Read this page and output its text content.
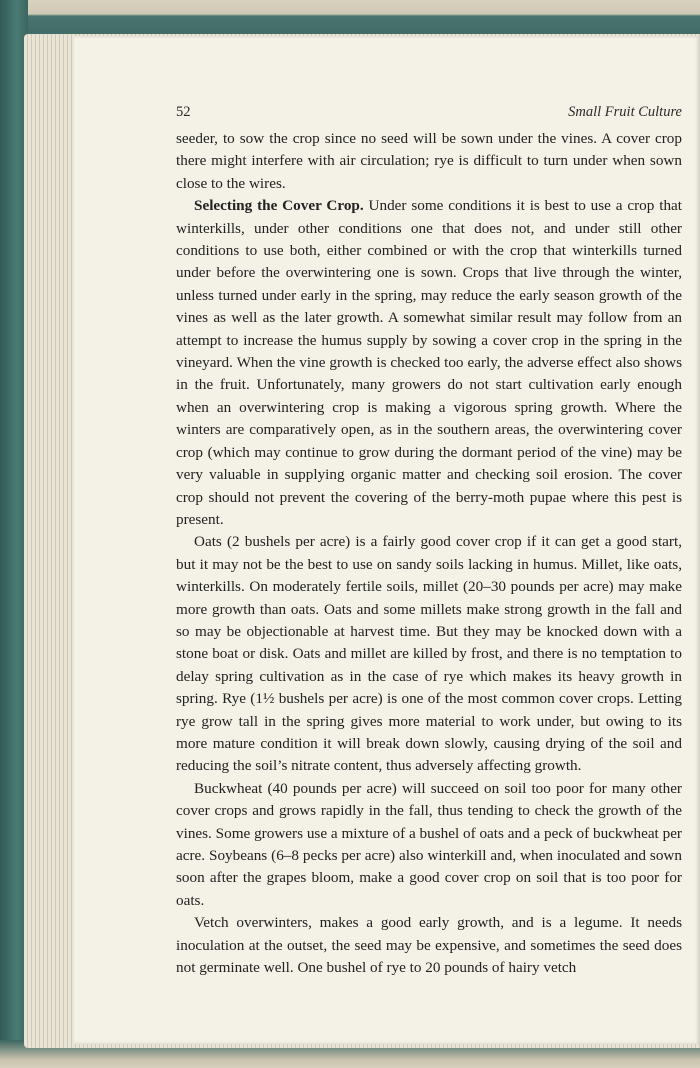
52	Small Fruit Culture

seeder, to sow the crop since no seed will be sown under the vines. A cover crop there might interfere with air circulation; rye is difficult to turn under when sown close to the wires.

Selecting the Cover Crop. Under some conditions it is best to use a crop that winterkills, under other conditions one that does not, and under still other conditions to use both, either combined or with the crop that winterkills turned under before the overwintering one is sown. Crops that live through the winter, unless turned under early in the spring, may reduce the early season growth of the vines as well as the later growth. A somewhat similar result may follow from an attempt to increase the humus supply by sowing a cover crop in the spring in the vineyard. When the vine growth is checked too early, the adverse effect also shows in the fruit. Unfortunately, many growers do not start cultivation early enough when an overwintering crop is making a vigorous spring growth. Where the winters are comparatively open, as in the southern areas, the overwintering cover crop (which may continue to grow during the dormant period of the vine) may be very valuable in supplying organic matter and checking soil erosion. The cover crop should not prevent the covering of the berry-moth pupae where this pest is present.

Oats (2 bushels per acre) is a fairly good cover crop if it can get a good start, but it may not be the best to use on sandy soils lacking in humus. Millet, like oats, winterkills. On moderately fertile soils, millet (20–30 pounds per acre) may make more growth than oats. Oats and some millets make strong growth in the fall and so may be objectionable at harvest time. But they may be knocked down with a stone boat or disk. Oats and millet are killed by frost, and there is no temptation to delay spring cultivation as in the case of rye which makes its heavy growth in spring. Rye (1½ bushels per acre) is one of the most common cover crops. Letting rye grow tall in the spring gives more material to work under, but owing to its more mature condition it will break down slowly, causing drying of the soil and reducing the soil’s nitrate content, thus adversely affecting growth.

Buckwheat (40 pounds per acre) will succeed on soil too poor for many other cover crops and grows rapidly in the fall, thus tending to check the growth of the vines. Some growers use a mixture of a bushel of oats and a peck of buckwheat per acre. Soybeans (6–8 pecks per acre) also winterkill and, when inoculated and sown soon after the grapes bloom, make a good cover crop on soil that is too poor for oats.

Vetch overwinters, makes a good early growth, and is a legume. It needs inoculation at the outset, the seed may be expensive, and sometimes the seed does not germinate well. One bushel of rye to 20 pounds of hairy vetch
